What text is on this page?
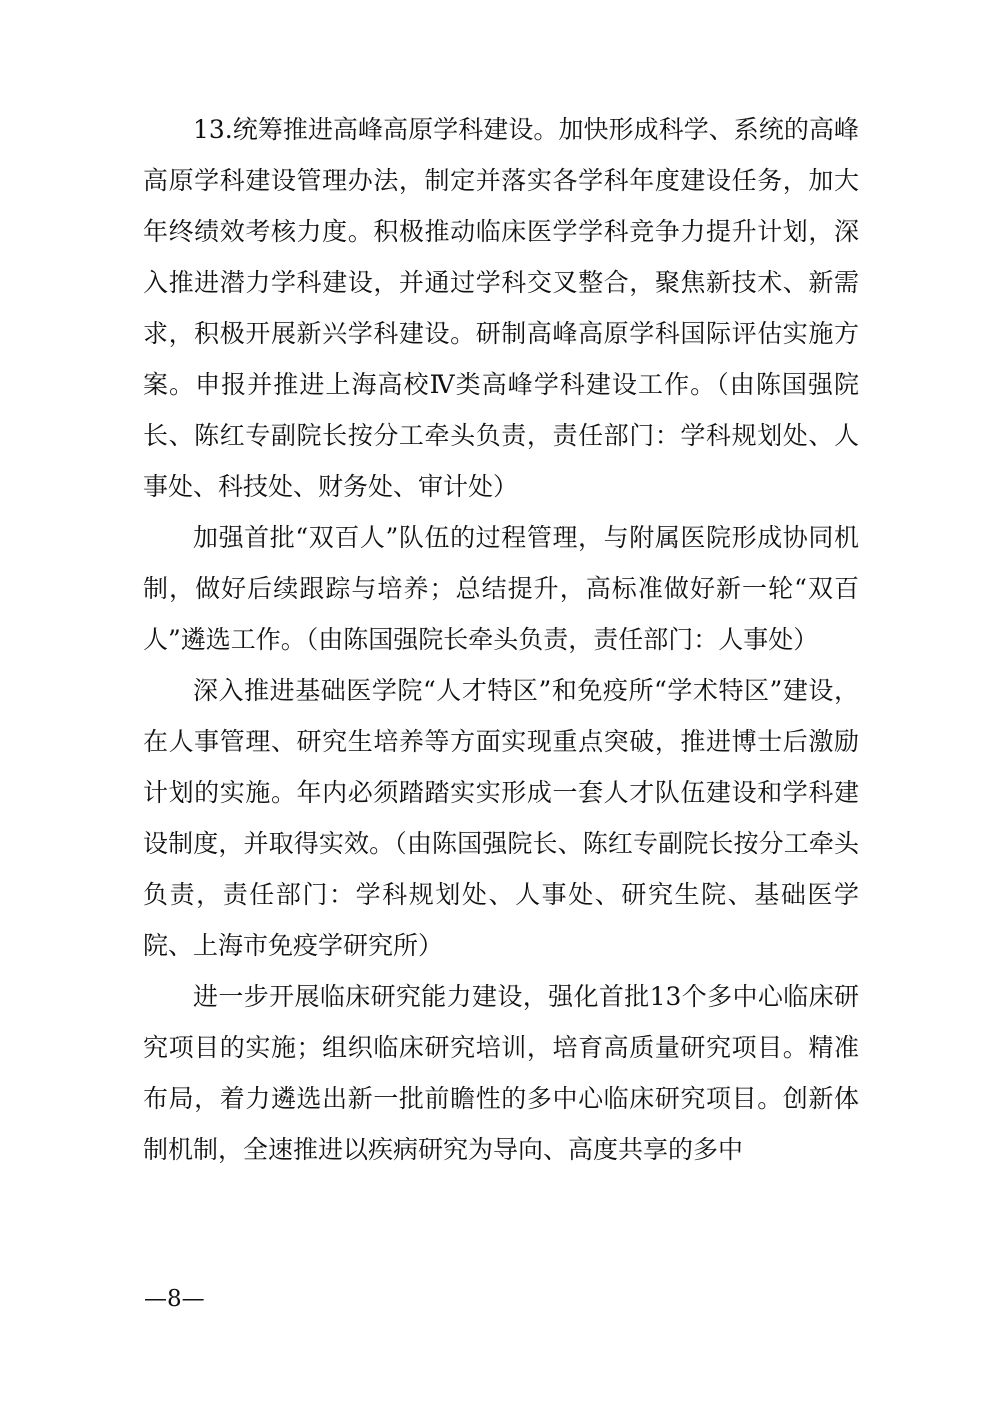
13.统筹推进高峰高原学科建设。加快形成科学、系统的高峰高原学科建设管理办法，制定并落实各学科年度建设任务，加大年终绩效考核力度。积极推动临床医学学科竞争力提升计划，深入推进潜力学科建设，并通过学科交叉整合，聚焦新技术、新需求，积极开展新兴学科建设。研制高峰高原学科国际评估实施方案。申报并推进上海高校Ⅳ类高峰学科建设工作。（由陈国强院长、陈红专副院长按分工牵头负责，责任部门：学科规划处、人事处、科技处、财务处、审计处）

加强首批“双百人”队伍的过程管理，与附属医院形成协同机制，做好后续跟踪与培养；总结提升，高标准做好新一轮“双百人”遴选工作。（由陈国强院长牵头负责，责任部门：人事处）

深入推进基础医学院“人才特区”和免疫所“学术特区”建设，在人事管理、研究生培养等方面实现重点突破，推进博士后激励计划的实施。年内必须踏踏实实形成一套人才队伍建设和学科建设制度，并取得实效。（由陈国强院长、陈红专副院长按分工牵头负责，责任部门：学科规划处、人事处、研究生院、基础医学院、上海市免疫学研究所）

进一步开展临床研究能力建设，强化首批13个多中心临床研究项目的实施；组织临床研究培训，培育高质量研究项目。精准布局，着力遴选出新一批前瞻性的多中心临床研究项目。创新体制机制，全速推进以疾病研究为导向、高度共享的多中

—8—
